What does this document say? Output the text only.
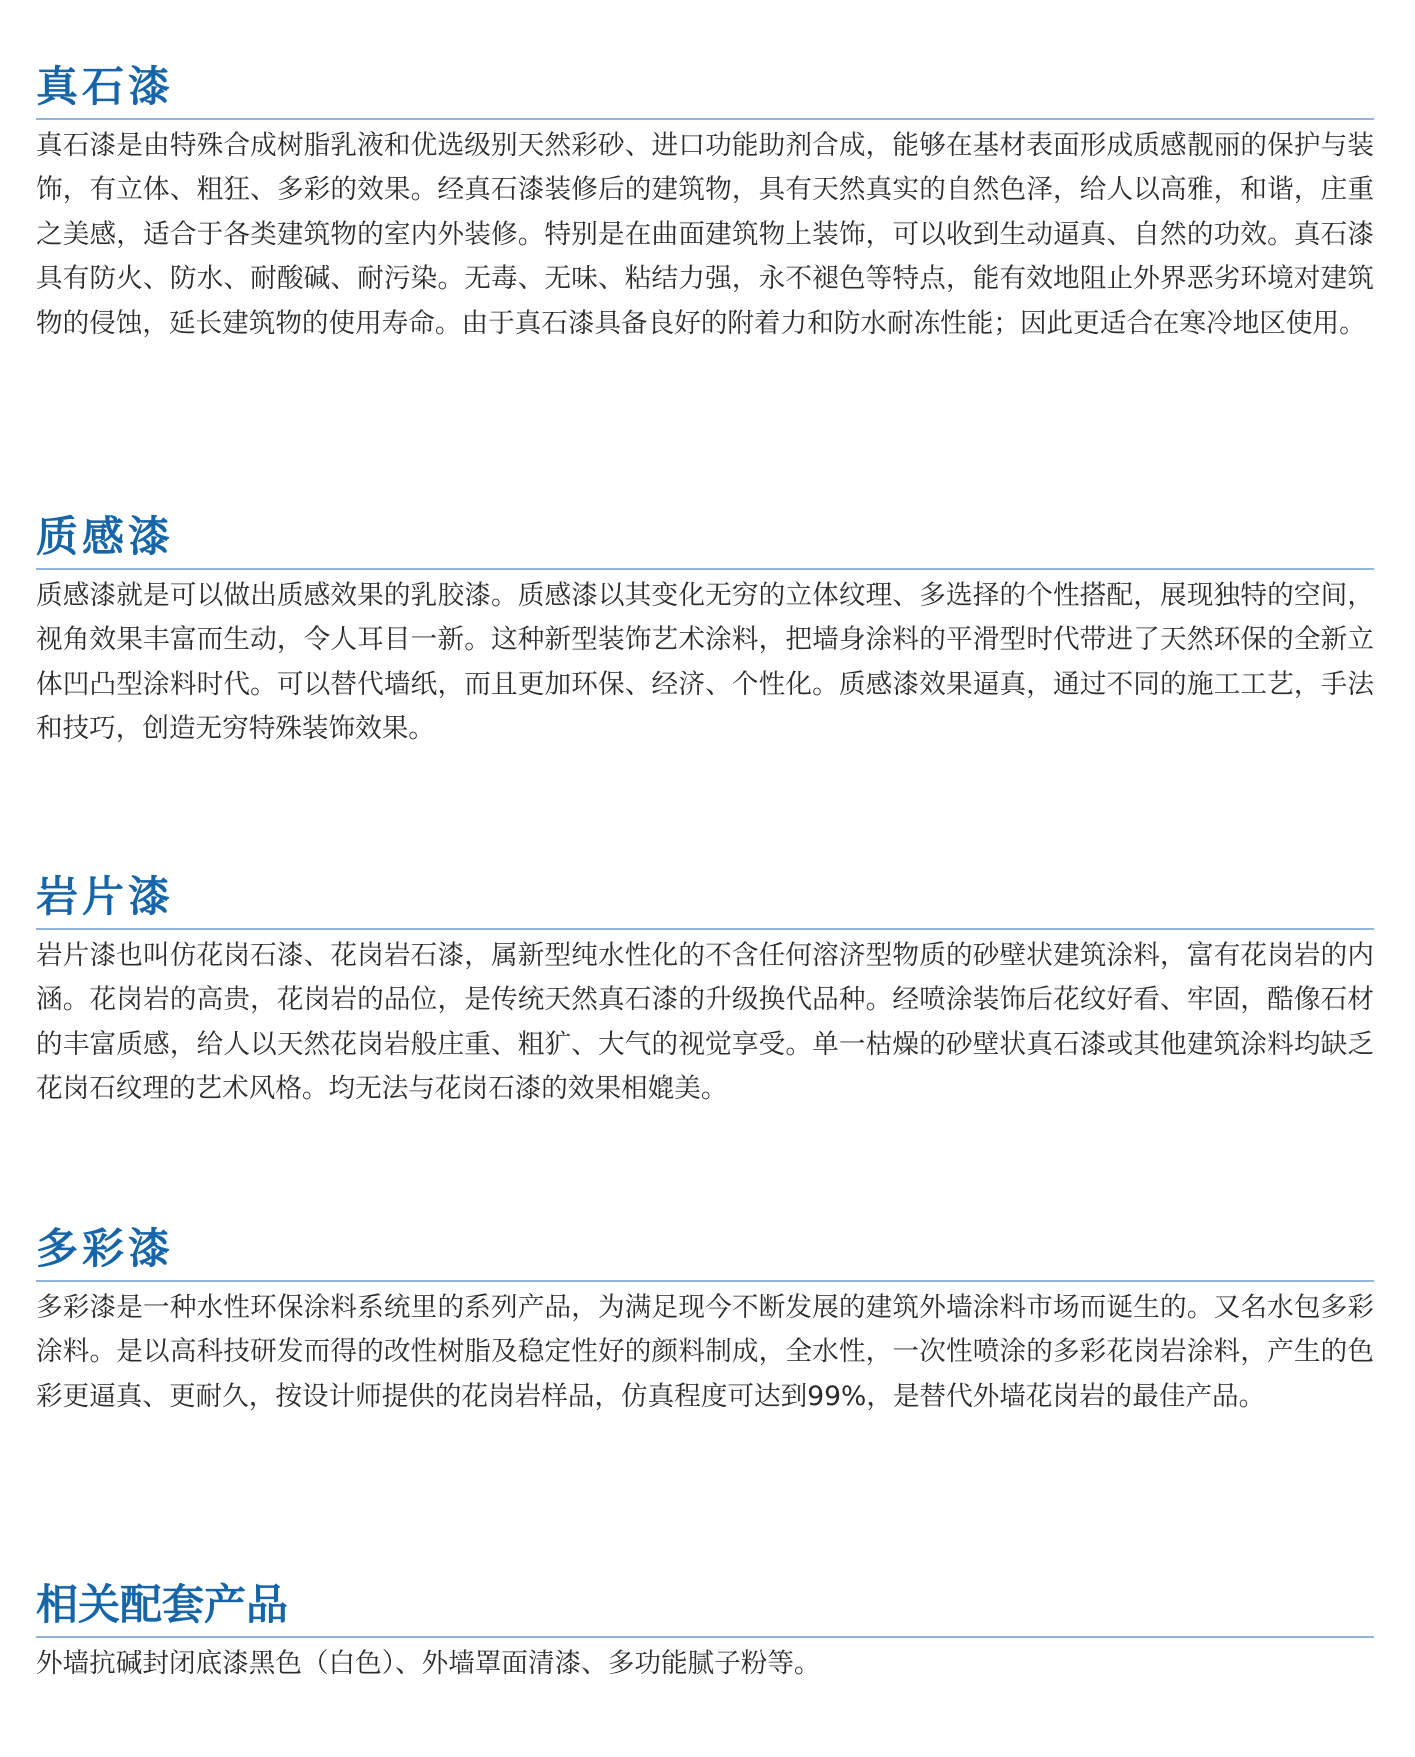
真石漆

真石漆是由特殊合成树脂乳液和优选级别天然彩砂、进口功能助剂合成，能够在基材表面形成质感靓丽的保护与装饰，有立体、粗狂、多彩的效果。经真石漆装修后的建筑物，具有天然真实的自然色泽，给人以高雅，和谐，庄重之美感，适合于各类建筑物的室内外装修。特别是在曲面建筑物上装饰，可以收到生动逼真、自然的功效。真石漆具有防火、防水、耐酸碱、耐污染。无毒、无味、粘结力强，永不褪色等特点，能有效地阻止外界恶劣环境对建筑物的侵蚀，延长建筑物的使用寿命。由于真石漆具备良好的附着力和防水耐冻性能；因此更适合在寒冷地区使用。

质感漆

质感漆就是可以做出质感效果的乳胶漆。质感漆以其变化无穷的立体纹理、多选择的个性搭配，展现独特的空间，视角效果丰富而生动，令人耳目一新。这种新型装饰艺术涂料，把墙身涂料的平滑型时代带进了天然环保的全新立体凹凸型涂料时代。可以替代墙纸，而且更加环保、经济、个性化。质感漆效果逼真，通过不同的施工工艺，手法和技巧，创造无穷特殊装饰效果。

岩片漆

岩片漆也叫仿花岗石漆、花岗岩石漆，属新型纯水性化的不含任何溶济型物质的砂壁状建筑涂料，富有花岗岩的内涵。花岗岩的高贵，花岗岩的品位，是传统天然真石漆的升级换代品种。经喷涂装饰后花纹好看、牢固，酷像石材的丰富质感，给人以天然花岗岩般庄重、粗犷、大气的视觉享受。单一枯燥的砂壁状真石漆或其他建筑涂料均缺乏花岗石纹理的艺术风格。均无法与花岗石漆的效果相媲美。

多彩漆

多彩漆是一种水性环保涂料系统里的系列产品，为满足现今不断发展的建筑外墙涂料市场而诞生的。又名水包多彩涂料。是以高科技研发而得的改性树脂及稳定性好的颜料制成，全水性，一次性喷涂的多彩花岗岩涂料，产生的色彩更逼真、更耐久，按设计师提供的花岗岩样品，仿真程度可达到99%，是替代外墙花岗岩的最佳产品。

相关配套产品

外墙抗碱封闭底漆黑色（白色）、外墙罩面清漆、多功能腻子粉等。
